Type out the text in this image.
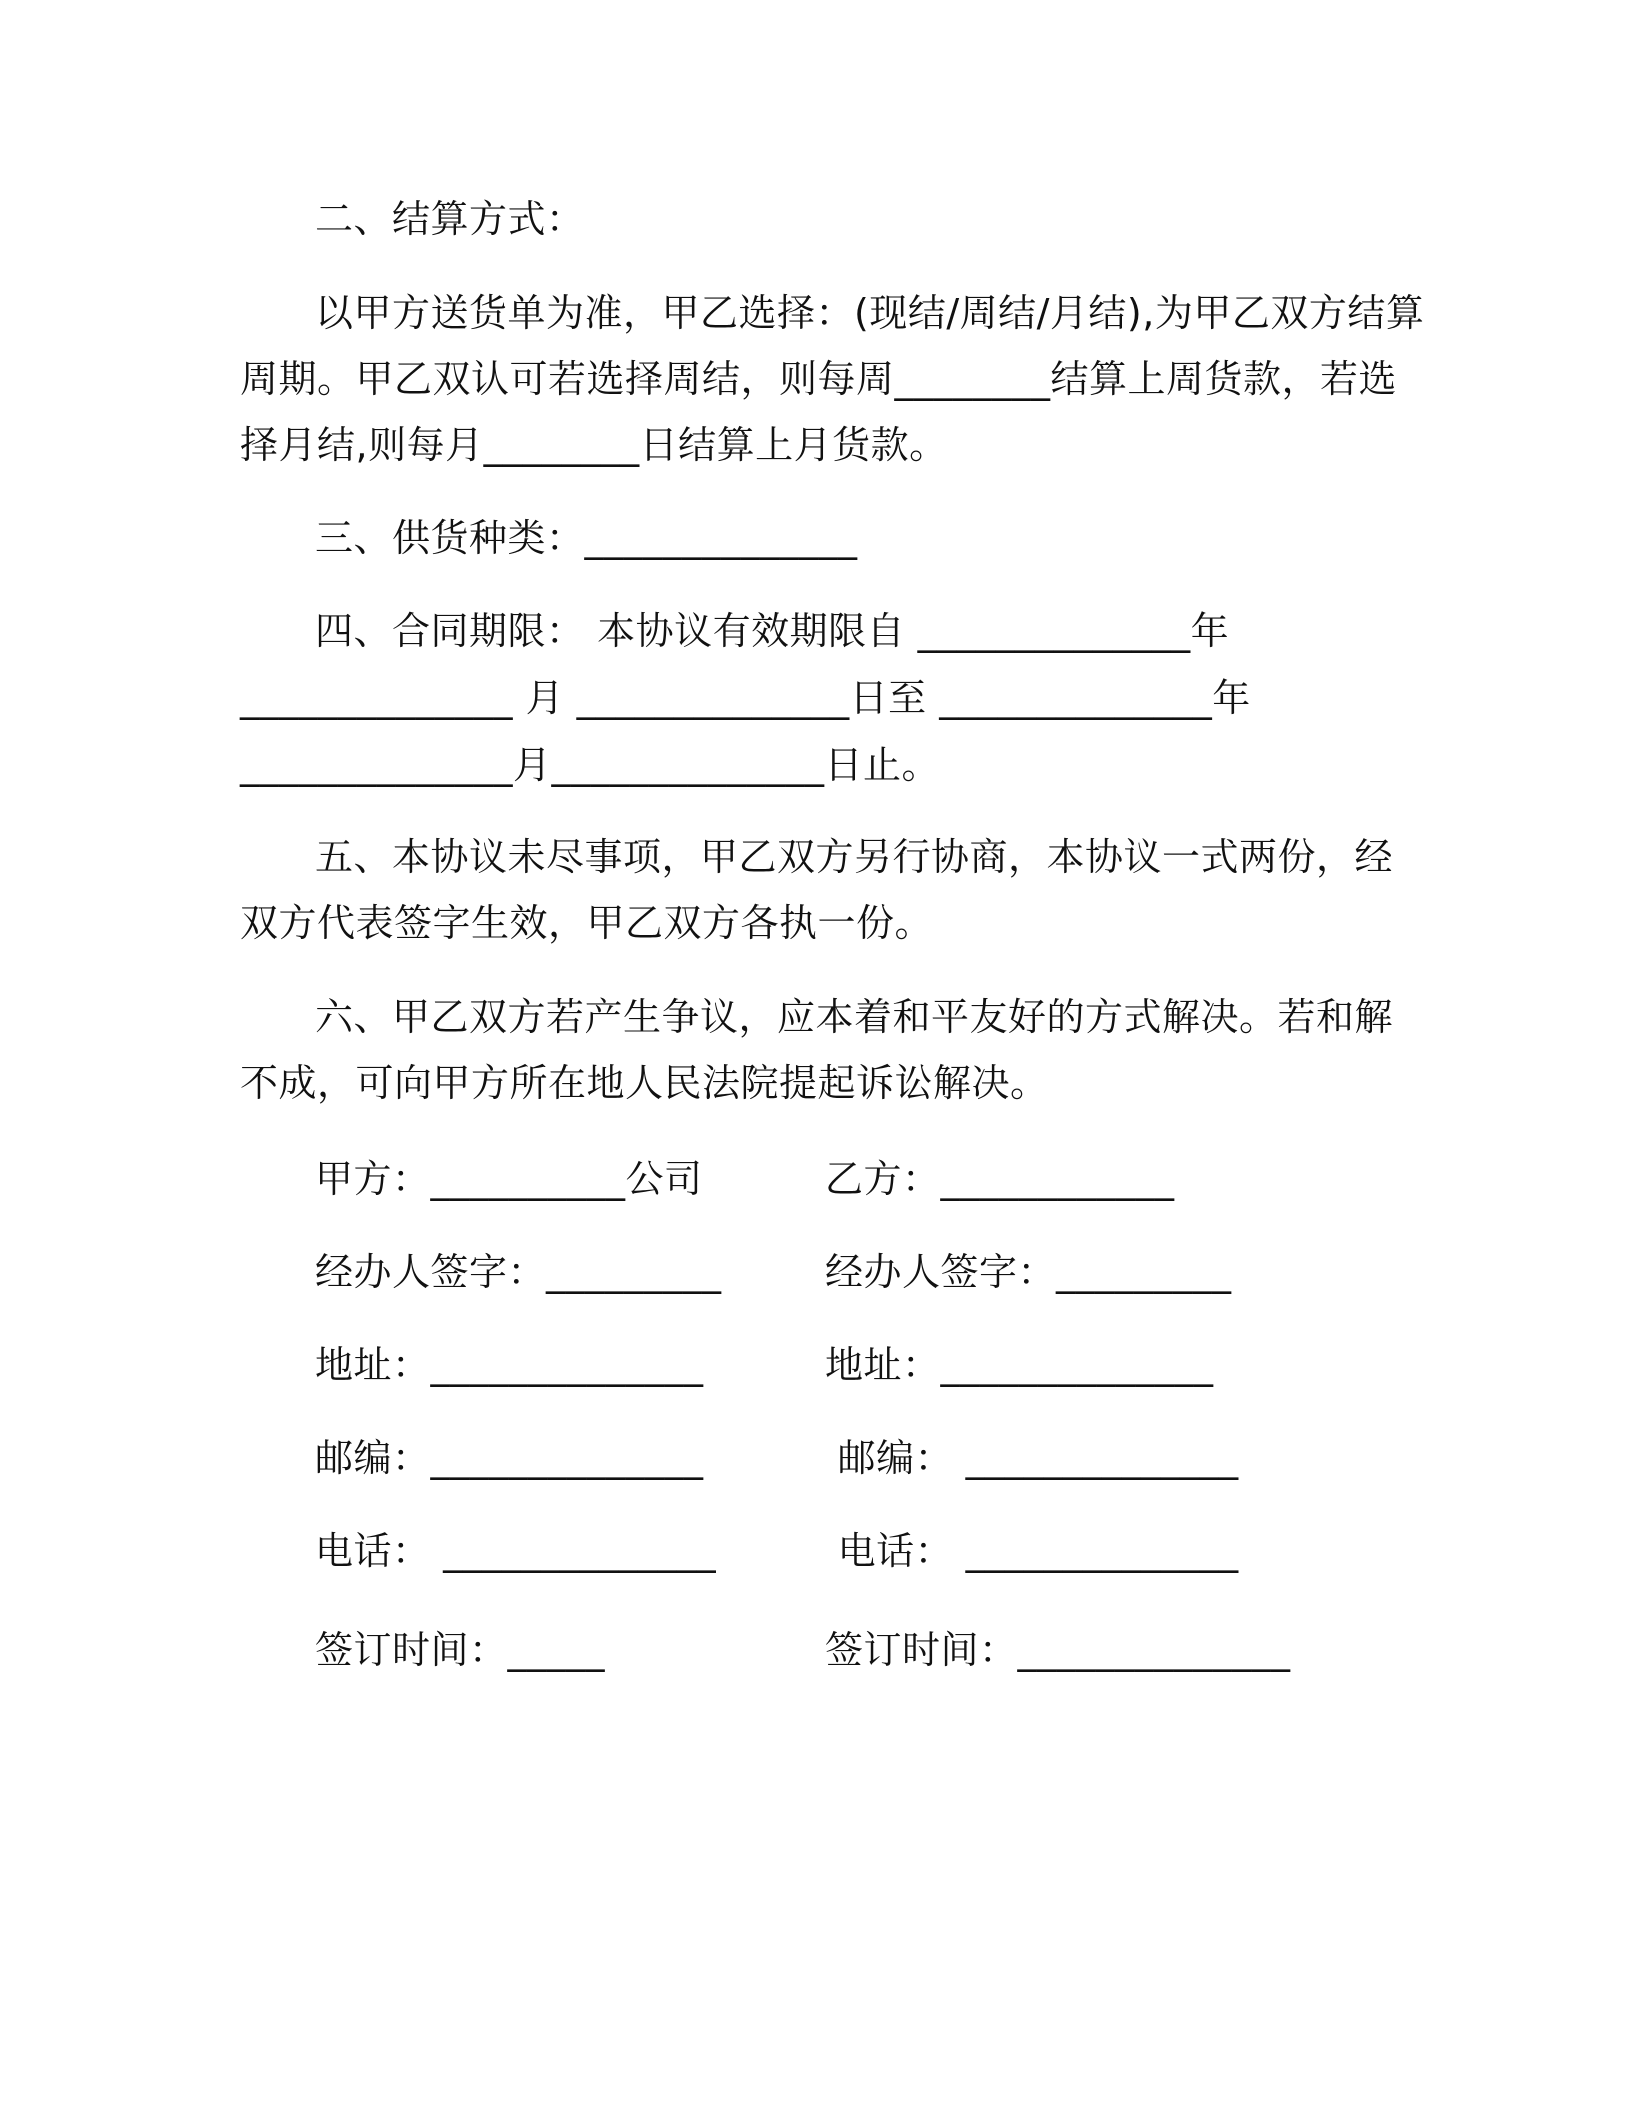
二、结算方式：
以甲方送货单为准，甲乙选择：(现结/周结/月结),为甲乙双方结算
周期。甲乙双认可若选择周结，则每周________结算上周货款，若选
择月结,则每月________日结算上月货款。
三、供货种类：______________
四、合同期限： 本协议有效期限自 ______________年
______________ 月 ______________日至 ______________年
______________月______________日止。
五、本协议未尽事项，甲乙双方另行协商，本协议一式两份，经
双方代表签字生效，甲乙双方各执一份。
六、甲乙双方若产生争议，应本着和平友好的方式解决。若和解
不成，可向甲方所在地人民法院提起诉讼解决。
甲方：__________公司	乙方：____________
经办人签字：_________	经办人签字：_________
地址：______________	地址：______________
邮编：______________	邮编： ______________
电话： ______________	电话： ______________
签订时间：_____	签订时间：______________
